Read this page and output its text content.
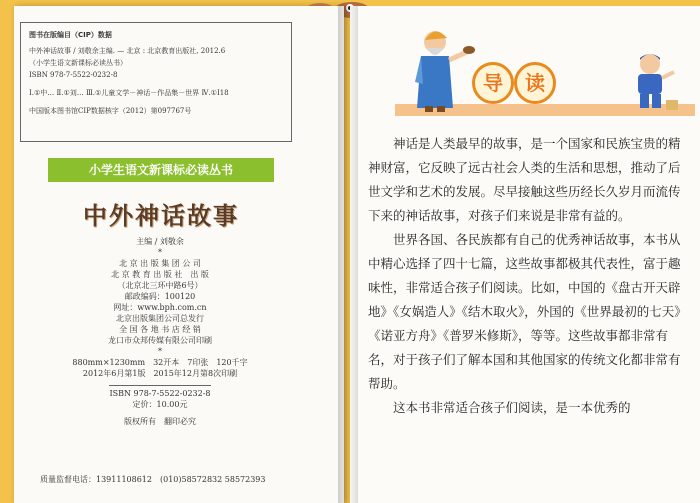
图书在版编目（CIP）数据
中外神话故事 / 刘敬余主编. — 北京 : 北京教育出版社, 2012.6
（小学生语文新课标必读丛书）
ISBN 978-7-5522-0232-8
Ⅰ.①中… Ⅱ.①刘… Ⅲ.①儿童文学－神话－作品集－世界 Ⅳ.①I18
中国版本图书馆CIP数据核字（2012）第097767号
小学生语文新课标必读丛书
中外神话故事
主编 / 刘敬余
*
北 京 出 版 集 团 公 司
北 京 教 育 出 版 社　出 版
（北京北三环中路6号）
邮政编码：100120
网址：www.bph.com.cn
北京出版集团公司总发行
全 国 各 地 书 店 经 销
龙口市众邦传媒有限公司印刷
*
880mm×1230mm　32开本　7印张　120千字
2012年6月第1版　2015年12月第8次印刷
ISBN 978-7-5522-0232-8
定价：10.00元
版权所有　翻印必究
质量监督电话：13911108612　(010)58572832 58572393
导	读

神话是人类最早的故事，是一个国家和民族宝贵的精神财富，它反映了远古社会人类的生活和思想，推动了后世文学和艺术的发展。尽早接触这些历经长久岁月而流传下来的神话故事，对孩子们来说是非常有益的。

世界各国、各民族都有自己的优秀神话故事，本书从中精心选择了四十七篇，这些故事都极其代表性，富于趣味性，非常适合孩子们阅读。比如，中国的《盘古开天辟地》《女娲造人》《结木取火》，外国的《世界最初的七天》《诺亚方舟》《普罗米修斯》，等等。这些故事都非常有名，对于孩子们了解本国和其他国家的传统文化都非常有帮助。

这本书非常适合孩子们阅读，是一本优秀的
